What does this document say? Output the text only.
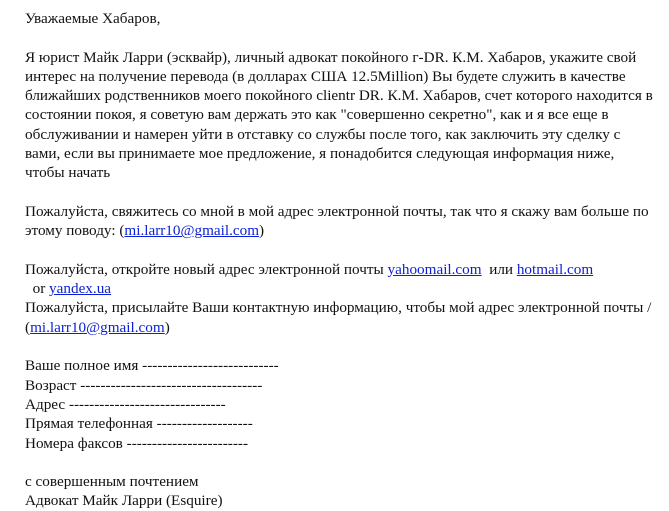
Уважаемые Хабаров,

Я юрист Майк Ларри (эсквайр), личный адвокат покойного г-DR. К.М. Хабаров, укажите свой интерес на получение перевода (в долларах США 12.5Million) Вы будете служить в качестве ближайших родственников моего покойного clientr DR. К.М. Хабаров, счет которого находится в состоянии покоя, я советую вам держать это как "совершенно секретно", как и я все еще в обслуживании и намерен уйти в отставку со службы после того, как заключить эту сделку с вами, если вы принимаете мое предложение, я понадобится следующая информация ниже, чтобы начать

Пожалуйста, свяжитесь со мной в мой адрес электронной почты, так что я скажу вам больше по этому поводу: (mi.larr10@gmail.com)

Пожалуйста, откройте новый адрес электронной почты yahoomail.com  или hotmail.com  or yandex.ua

Пожалуйста, присылайте Ваши контактную информацию, чтобы мой адрес электронной почты / (mi.larr10@gmail.com)

Ваше полное имя ---------------------------

Возраст ------------------------------------

Адрес -------------------------------

Прямая телефонная -------------------

Номера факсов ------------------------

с совершенным почтением

Адвокат Майк Ларри (Esquire)
